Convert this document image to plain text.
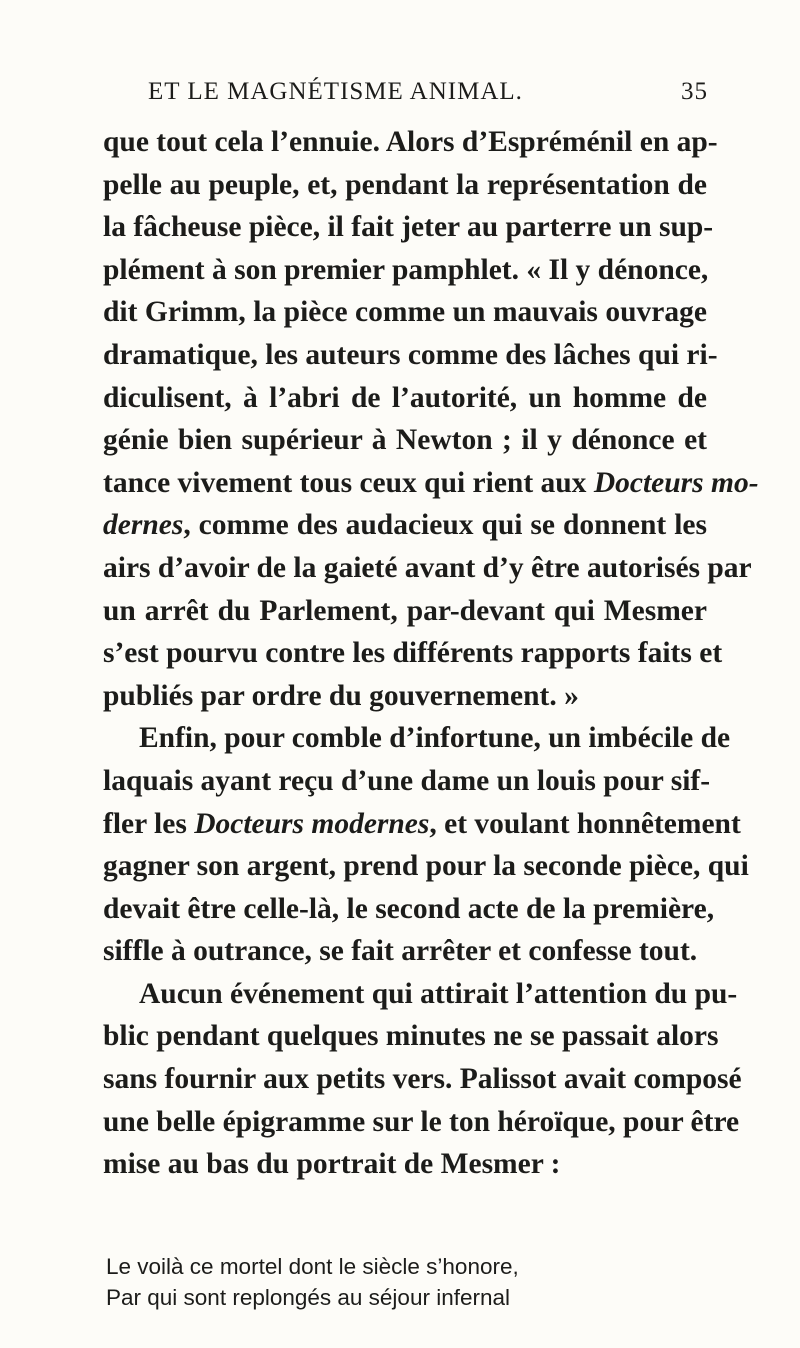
ET LE MAGNÉTISME ANIMAL.	35
que tout cela l’ennuie. Alors d’Espréménil en ap-
pelle au peuple, et, pendant la représentation de
la fâcheuse pièce, il fait jeter au parterre un sup-
plément à son premier pamphlet. « Il y dénonce,
dit Grimm, la pièce comme un mauvais ouvrage
dramatique, les auteurs comme des lâches qui ri-
diculisent, à l’abri de l’autorité, un homme de
génie bien supérieur à Newton ; il y dénonce et
tance vivement tous ceux qui rient aux Docteurs mo-
dernes, comme des audacieux qui se donnent les
airs d’avoir de la gaieté avant d’y être autorisés par
un arrêt du Parlement, par-devant qui Mesmer
s’est pourvu contre les différents rapports faits et
publiés par ordre du gouvernement. »
Enfin, pour comble d’infortune, un imbécile de
laquais ayant reçu d’une dame un louis pour sif-
fler les Docteurs modernes, et voulant honnêtement
gagner son argent, prend pour la seconde pièce, qui
devait être celle-là, le second acte de la première,
siffle à outrance, se fait arrêter et confesse tout.
Aucun événement qui attirait l’attention du pu-
blic pendant quelques minutes ne se passait alors
sans fournir aux petits vers. Palissot avait composé
une belle épigramme sur le ton héroïque, pour être
mise au bas du portrait de Mesmer :
Le voilà ce mortel dont le siècle s’honore,
Par qui sont replongés au séjour infernal
